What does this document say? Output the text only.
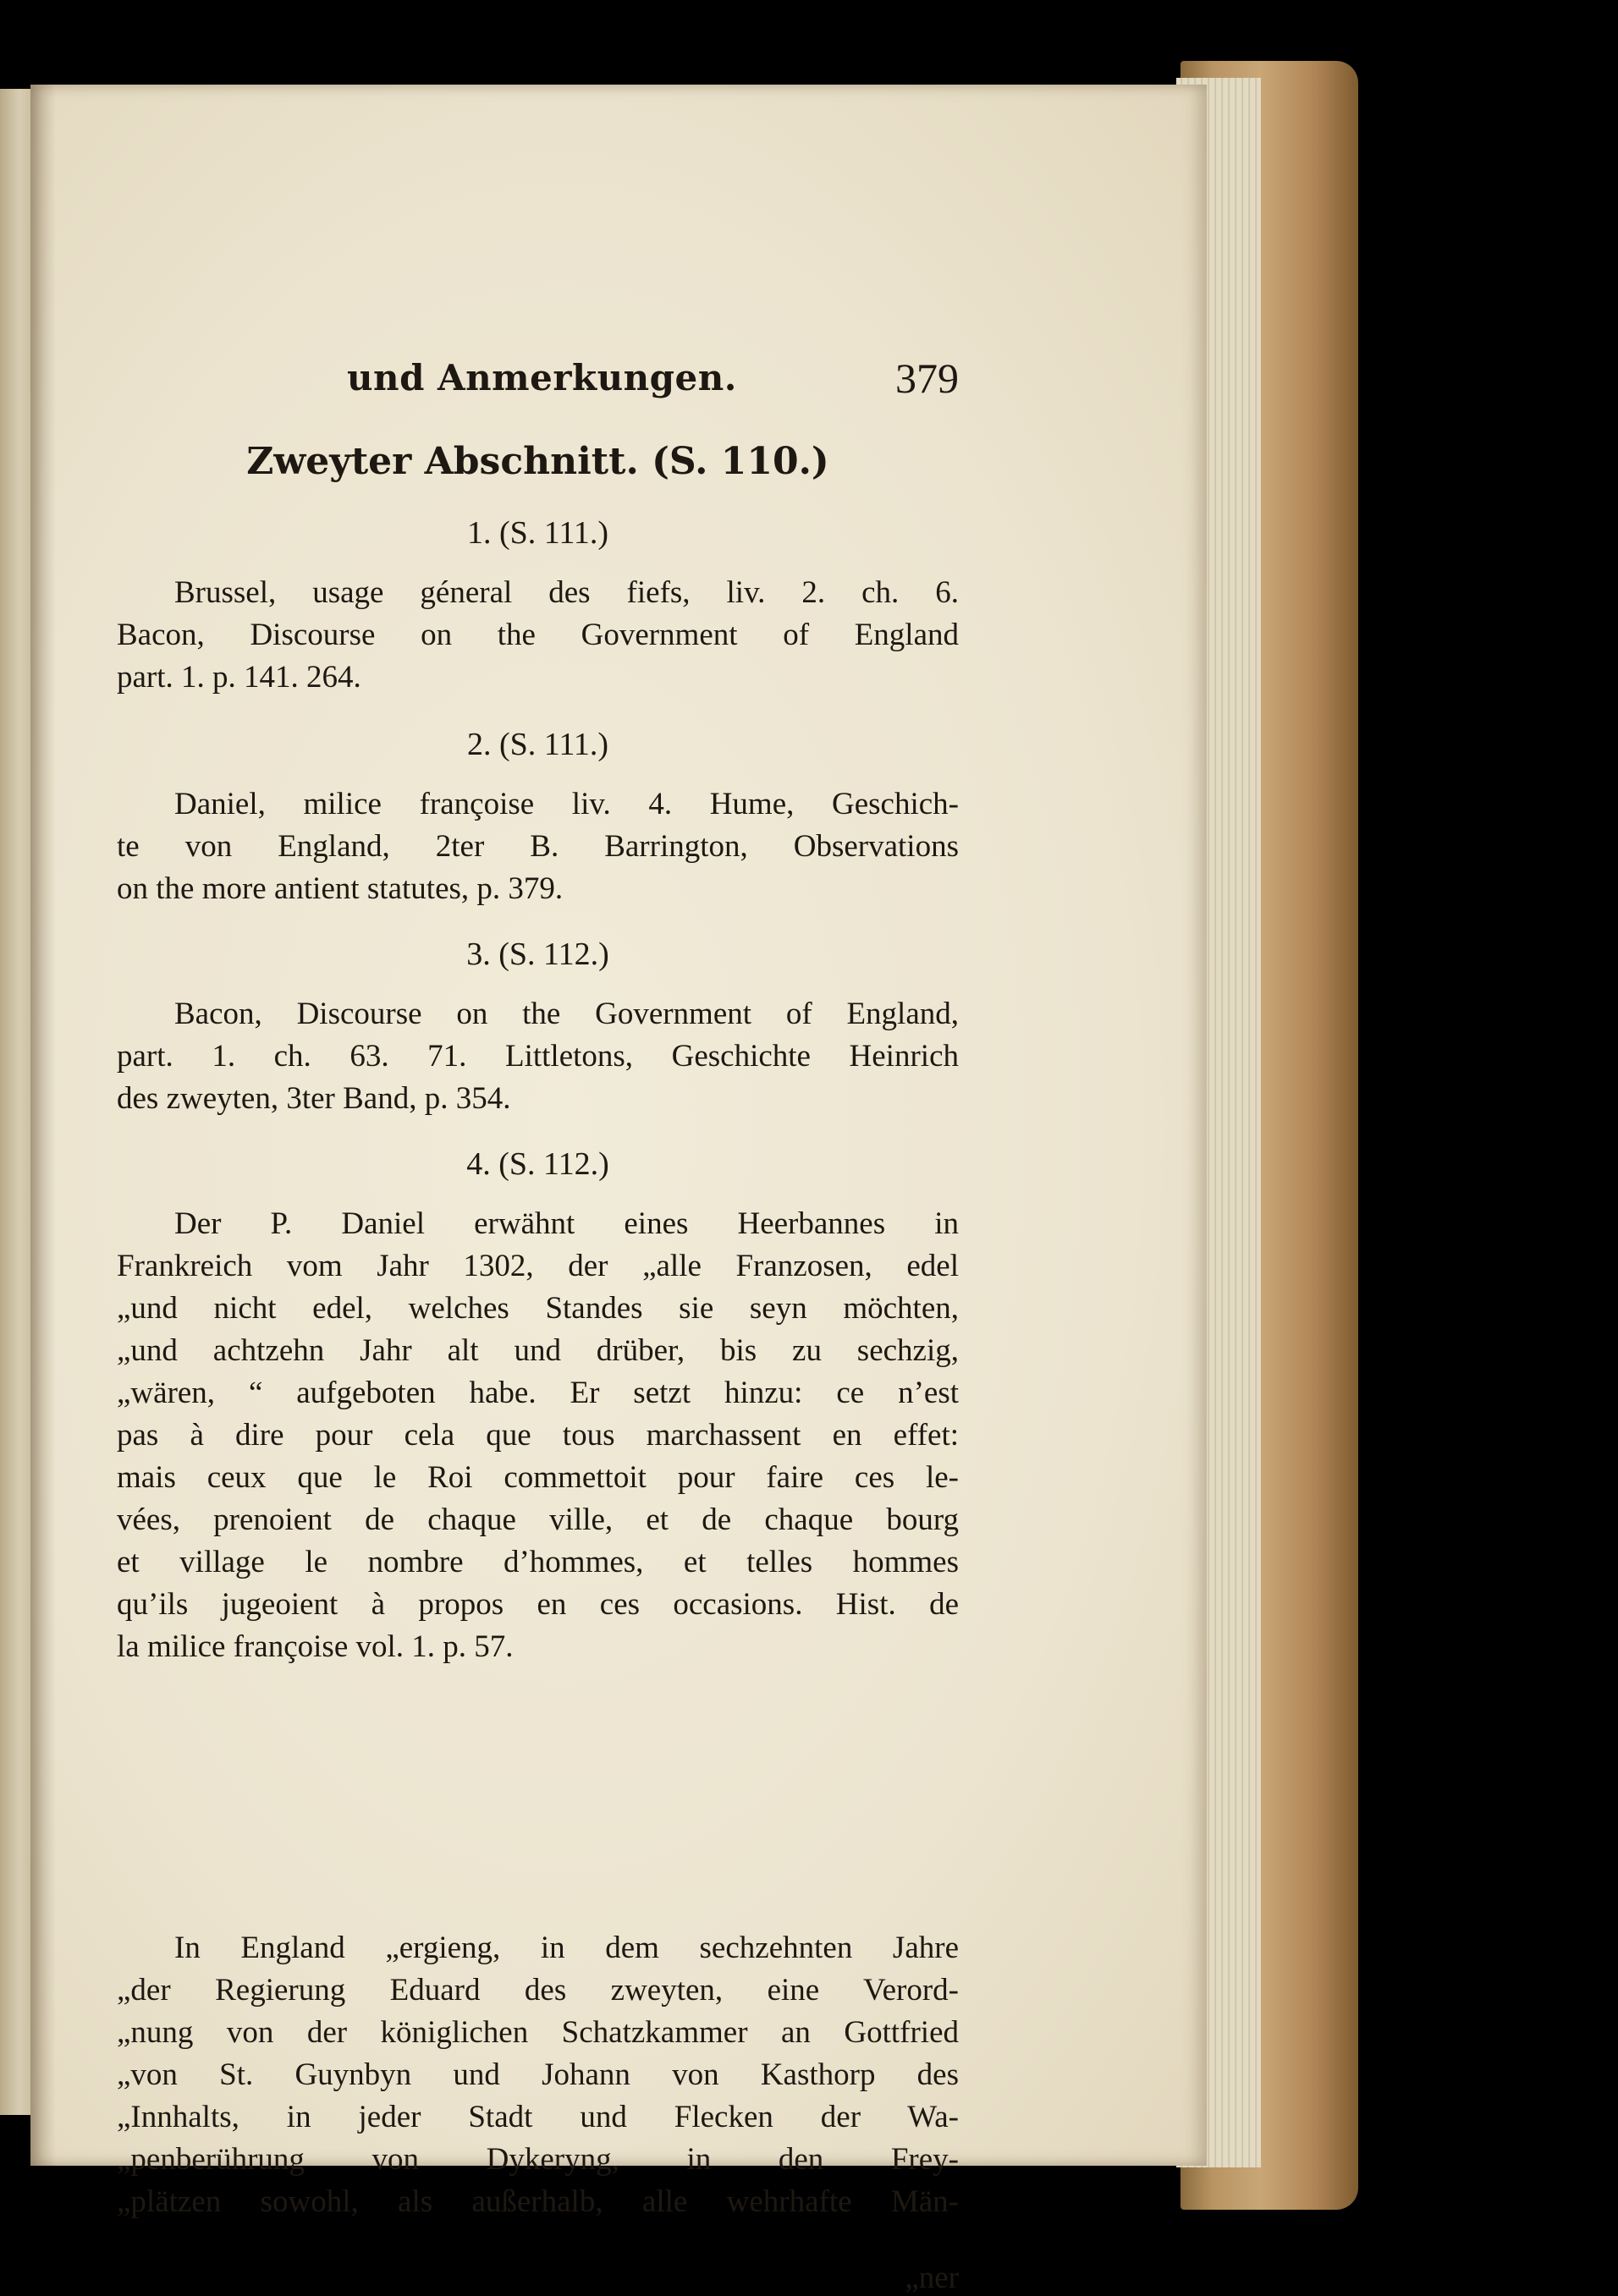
und Anmerkungen.	379
Zweyter Abschnitt. (S. 110.)
1. (S. 111.)
Brussel, usage géneral des fiefs, liv. 2. ch. 6.
Bacon, Discourse on the Government of England
part. 1. p. 141. 264.
2. (S. 111.)
Daniel, milice françoise liv. 4. Hume, Geschich-
te von England, 2ter B. Barrington, Observations
on the more antient statutes, p. 379.
3. (S. 112.)
Bacon, Discourse on the Government of England,
part. 1. ch. 63. 71. Littletons, Geschichte Heinrich
des zweyten, 3ter Band, p. 354.
4. (S. 112.)
Der P. Daniel erwähnt eines Heerbannes in
Frankreich vom Jahr 1302, der „alle Franzosen, edel
„und nicht edel, welches Standes sie seyn möchten,
„und achtzehn Jahr alt und drüber, bis zu sechzig,
„wären, “ aufgeboten habe. Er setzt hinzu: ce n’est
pas à dire pour cela que tous marchassent en effet:
mais ceux que le Roi commettoit pour faire ces le-
vées, prenoient de chaque ville, et de chaque bourg
et village le nombre d’hommes, et telles hommes
qu’ils jugeoient à propos en ces occasions. Hist. de
la milice françoise vol. 1. p. 57.
In England „ergieng, in dem sechzehnten Jahre
„der Regierung Eduard des zweyten, eine Verord-
„nung von der königlichen Schatzkammer an Gottfried
„von St. Guynbyn und Johann von Kasthorp des
„Innhalts, in jeder Stadt und Flecken der Wa-
„penberührung von Dykeryng, in den Frey-
„plätzen sowohl, als außerhalb, alle wehrhafte Män-
„ner
